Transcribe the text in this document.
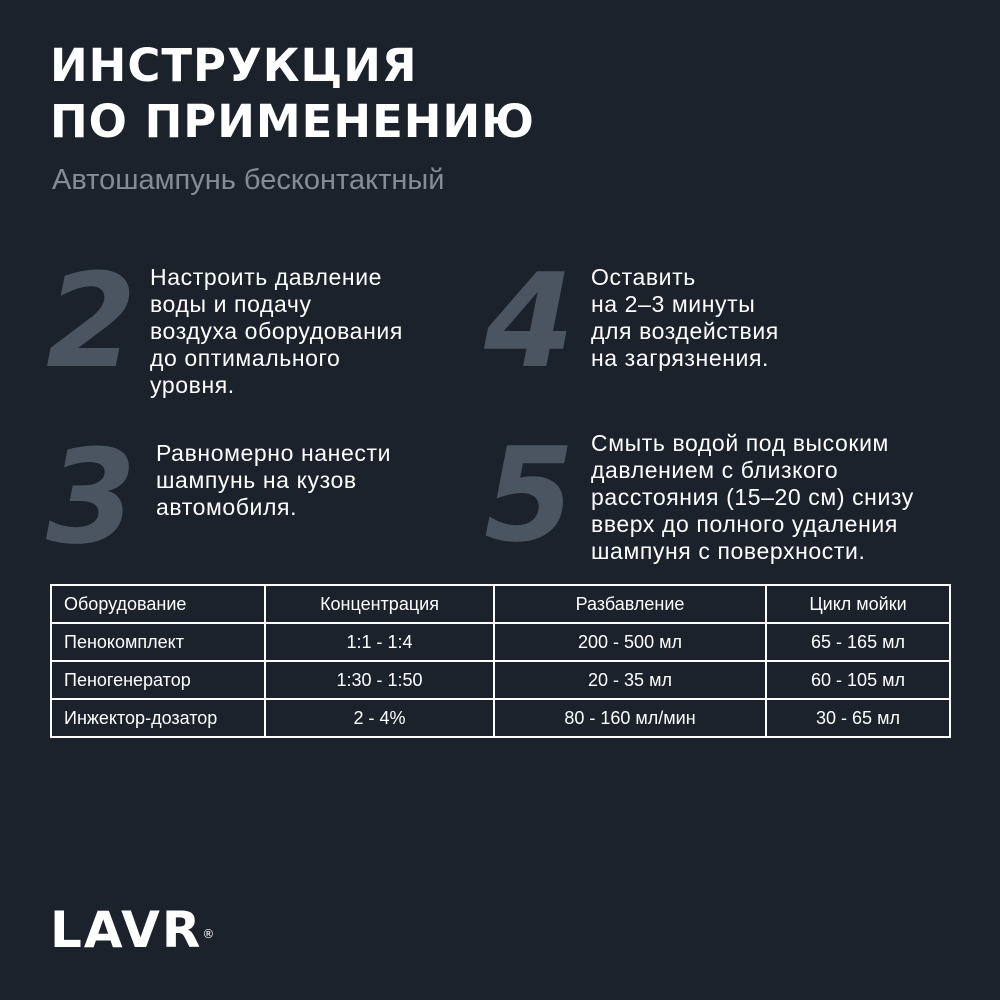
ИНСТРУКЦИЯ
ПО ПРИМЕНЕНИЮ

Автошампунь бесконтактный

2 Настроить давление
воды и подачу
воздуха оборудования
до оптимального
уровня.	4 Оставить
на 2–3 минуты
для воздействия
на загрязнения.

3 Равномерно нанести
шампунь на кузов
автомобиля.	5 Смыть водой под высоким
давлением с близкого
расстояния (15–20 см) снизу
вверх до полного удаления
шампуня с поверхности.

Оборудование	Концентрация	Разбавление	Цикл мойки
Пенокомплект	1:1 - 1:4	200 - 500 мл	65 - 165 мл
Пеногенератор	1:30 - 1:50	20 - 35 мл	60 - 105 мл
Инжектор-дозатор	2 - 4%	80 - 160 мл/мин	30 - 65 мл
LAVR®
